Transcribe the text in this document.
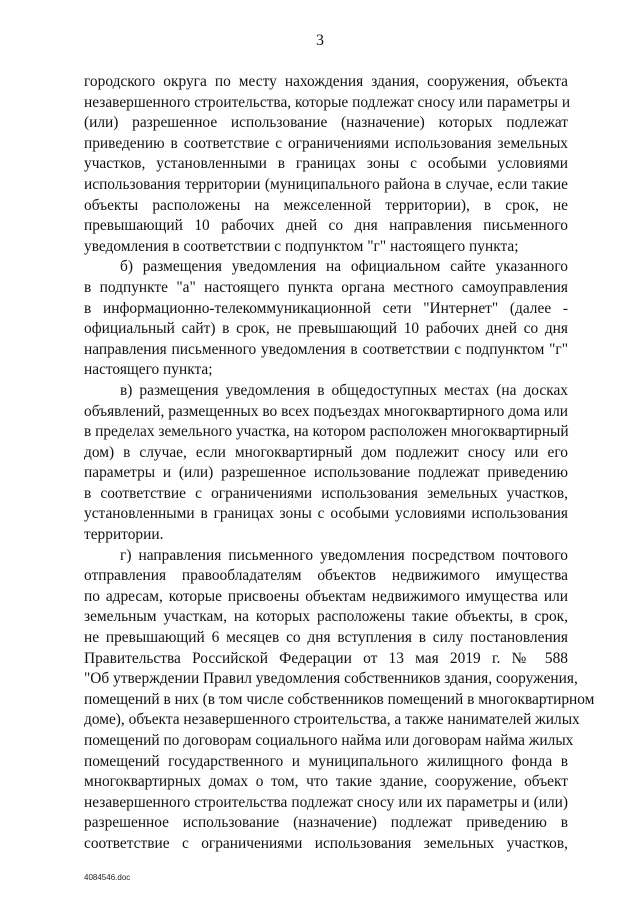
3
городского округа по месту нахождения здания, сооружения, объекта
незавершенного строительства, которые подлежат сносу или параметры и
(или) разрешенное использование (назначение) которых подлежат
приведению в соответствие с ограничениями использования земельных
участков, установленными в границах зоны с особыми условиями
использования территории (муниципального района в случае, если такие
объекты расположены на межселенной территории), в срок, не
превышающий 10 рабочих дней со дня направления письменного
уведомления в соответствии с подпунктом "г" настоящего пункта;
б) размещения уведомления на официальном сайте указанного
в подпункте "а" настоящего пункта органа местного самоуправления
в информационно-телекоммуникационной сети "Интернет" (далее -
официальный сайт) в срок, не превышающий 10 рабочих дней со дня
направления письменного уведомления в соответствии с подпунктом "г"
настоящего пункта;
в) размещения уведомления в общедоступных местах (на досках
объявлений, размещенных во всех подъездах многоквартирного дома или
в пределах земельного участка, на котором расположен многоквартирный
дом) в случае, если многоквартирный дом подлежит сносу или его
параметры и (или) разрешенное использование подлежат приведению
в соответствие с ограничениями использования земельных участков,
установленными в границах зоны с особыми условиями использования
территории.
г) направления письменного уведомления посредством почтового
отправления правообладателям объектов недвижимого имущества
по адресам, которые присвоены объектам недвижимого имущества или
земельным участкам, на которых расположены такие объекты, в срок,
не превышающий 6 месяцев со дня вступления в силу постановления
Правительства Российской Федерации от 13 мая 2019 г. № 588
"Об утверждении Правил уведомления собственников здания, сооружения,
помещений в них (в том числе собственников помещений в многоквартирном
доме), объекта незавершенного строительства, а также нанимателей жилых
помещений по договорам социального найма или договорам найма жилых
помещений государственного и муниципального жилищного фонда в
многоквартирных домах о том, что такие здание, сооружение, объект
незавершенного строительства подлежат сносу или их параметры и (или)
разрешенное использование (назначение) подлежат приведению в
соответствие с ограничениями использования земельных участков,
4084546.doc
